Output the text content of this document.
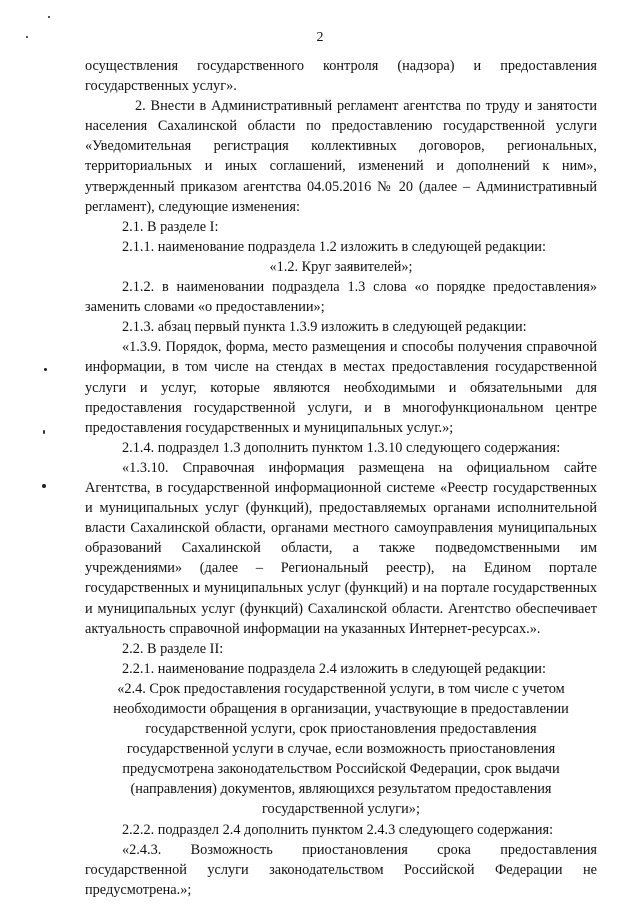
2

осуществления государственного контроля (надзора) и предоставления государственных услуг».

2. Внести в Административный регламент агентства по труду и занятости населения Сахалинской области по предоставлению государственной услуги «Уведомительная регистрация коллективных договоров, региональных, территориальных и иных соглашений, изменений и дополнений к ним», утвержденный приказом агентства 04.05.2016 № 20 (далее – Административный регламент), следующие изменения:

2.1. В разделе I:

2.1.1. наименование подраздела 1.2 изложить в следующей редакции:

«1.2. Круг заявителей»;

2.1.2. в наименовании подраздела 1.3 слова «о порядке предоставления» заменить словами «о предоставлении»;

2.1.3. абзац первый пункта 1.3.9 изложить в следующей редакции:

«1.3.9. Порядок, форма, место размещения и способы получения справочной информации, в том числе на стендах в местах предоставления государственной услуги и услуг, которые являются необходимыми и обязательными для предоставления государственной услуги, и в многофункциональном центре предоставления государственных и муниципальных услуг.»;

2.1.4. подраздел 1.3 дополнить пунктом 1.3.10 следующего содержания:

«1.3.10. Справочная информация размещена на официальном сайте Агентства, в государственной информационной системе «Реестр государственных и муниципальных услуг (функций), предоставляемых органами исполнительной власти Сахалинской области, органами местного самоуправления муниципальных образований Сахалинской области, а также подведомственными им учреждениями» (далее – Региональный реестр), на Едином портале государственных и муниципальных услуг (функций) и на портале государственных и муниципальных услуг (функций) Сахалинской области. Агентство обеспечивает актуальность справочной информации на указанных Интернет-ресурсах.».

2.2. В разделе II:

2.2.1. наименование подраздела 2.4 изложить в следующей редакции:

«2.4. Срок предоставления государственной услуги, в том числе с учетом необходимости обращения в организации, участвующие в предоставлении государственной услуги, срок приостановления предоставления государственной услуги в случае, если возможность приостановления предусмотрена законодательством Российской Федерации, срок выдачи (направления) документов, являющихся результатом предоставления государственной услуги»;

2.2.2. подраздел 2.4 дополнить пунктом 2.4.3 следующего содержания:

«2.4.3. Возможность приостановления срока предоставления государственной услуги законодательством Российской Федерации не предусмотрена.»;
